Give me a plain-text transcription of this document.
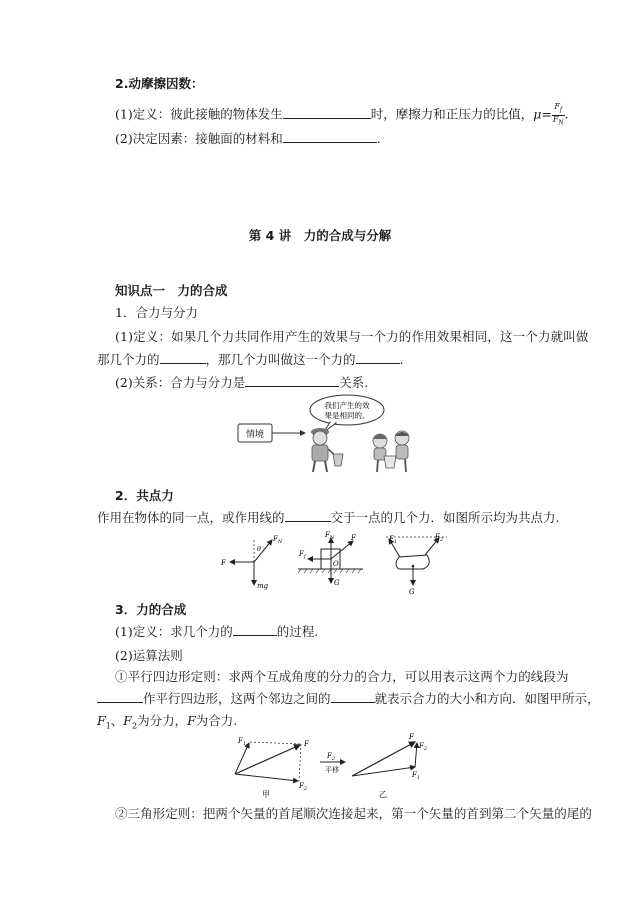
2.动摩擦因数：
(1)定义：彼此接触的物体发生	时，摩擦力和正压力的比值，$\mu= \frac{F_f}{F_N}$ .
(2)决定因素：接触面的材料和	.
第 4 讲　力的合成与分解
知识点一　力的合成
1．合力与分力
(1)定义：如果几个力共同作用产生的效果与一个力的作用效果相同，这一个力就叫做
那几个力的	，那几个力叫做这一个力的	.
(2)关系：合力与分力是	关系.
情境
我们产生的效
果是相同的。
2．共点力
作用在物体的同一点，或作用线的	交于一点的几个力．如图所示均为共点力.
$F_N$
θ
F
mg
$F_N$
$F_f$
F
O
G
$F_1$
$F_2$
G
3．力的合成
(1)定义：求几个力的	的过程.
(2)运算法则
①平行四边形定则：求两个互成角度的分力的合力，可以用表示这两个力的线段为
作平行四边形，这两个邻边之间的	就表示合力的大小和方向．如图甲所示，
$F_1$、$F_2$为分力，F为合力.
$F_1$	F
$F_2$
甲
$F_2$
平移
F
$F_2$
$F_1$
乙
②三角形定则：把两个矢量的首尾顺次连接起来，第一个矢量的首到第二个矢量的尾的
